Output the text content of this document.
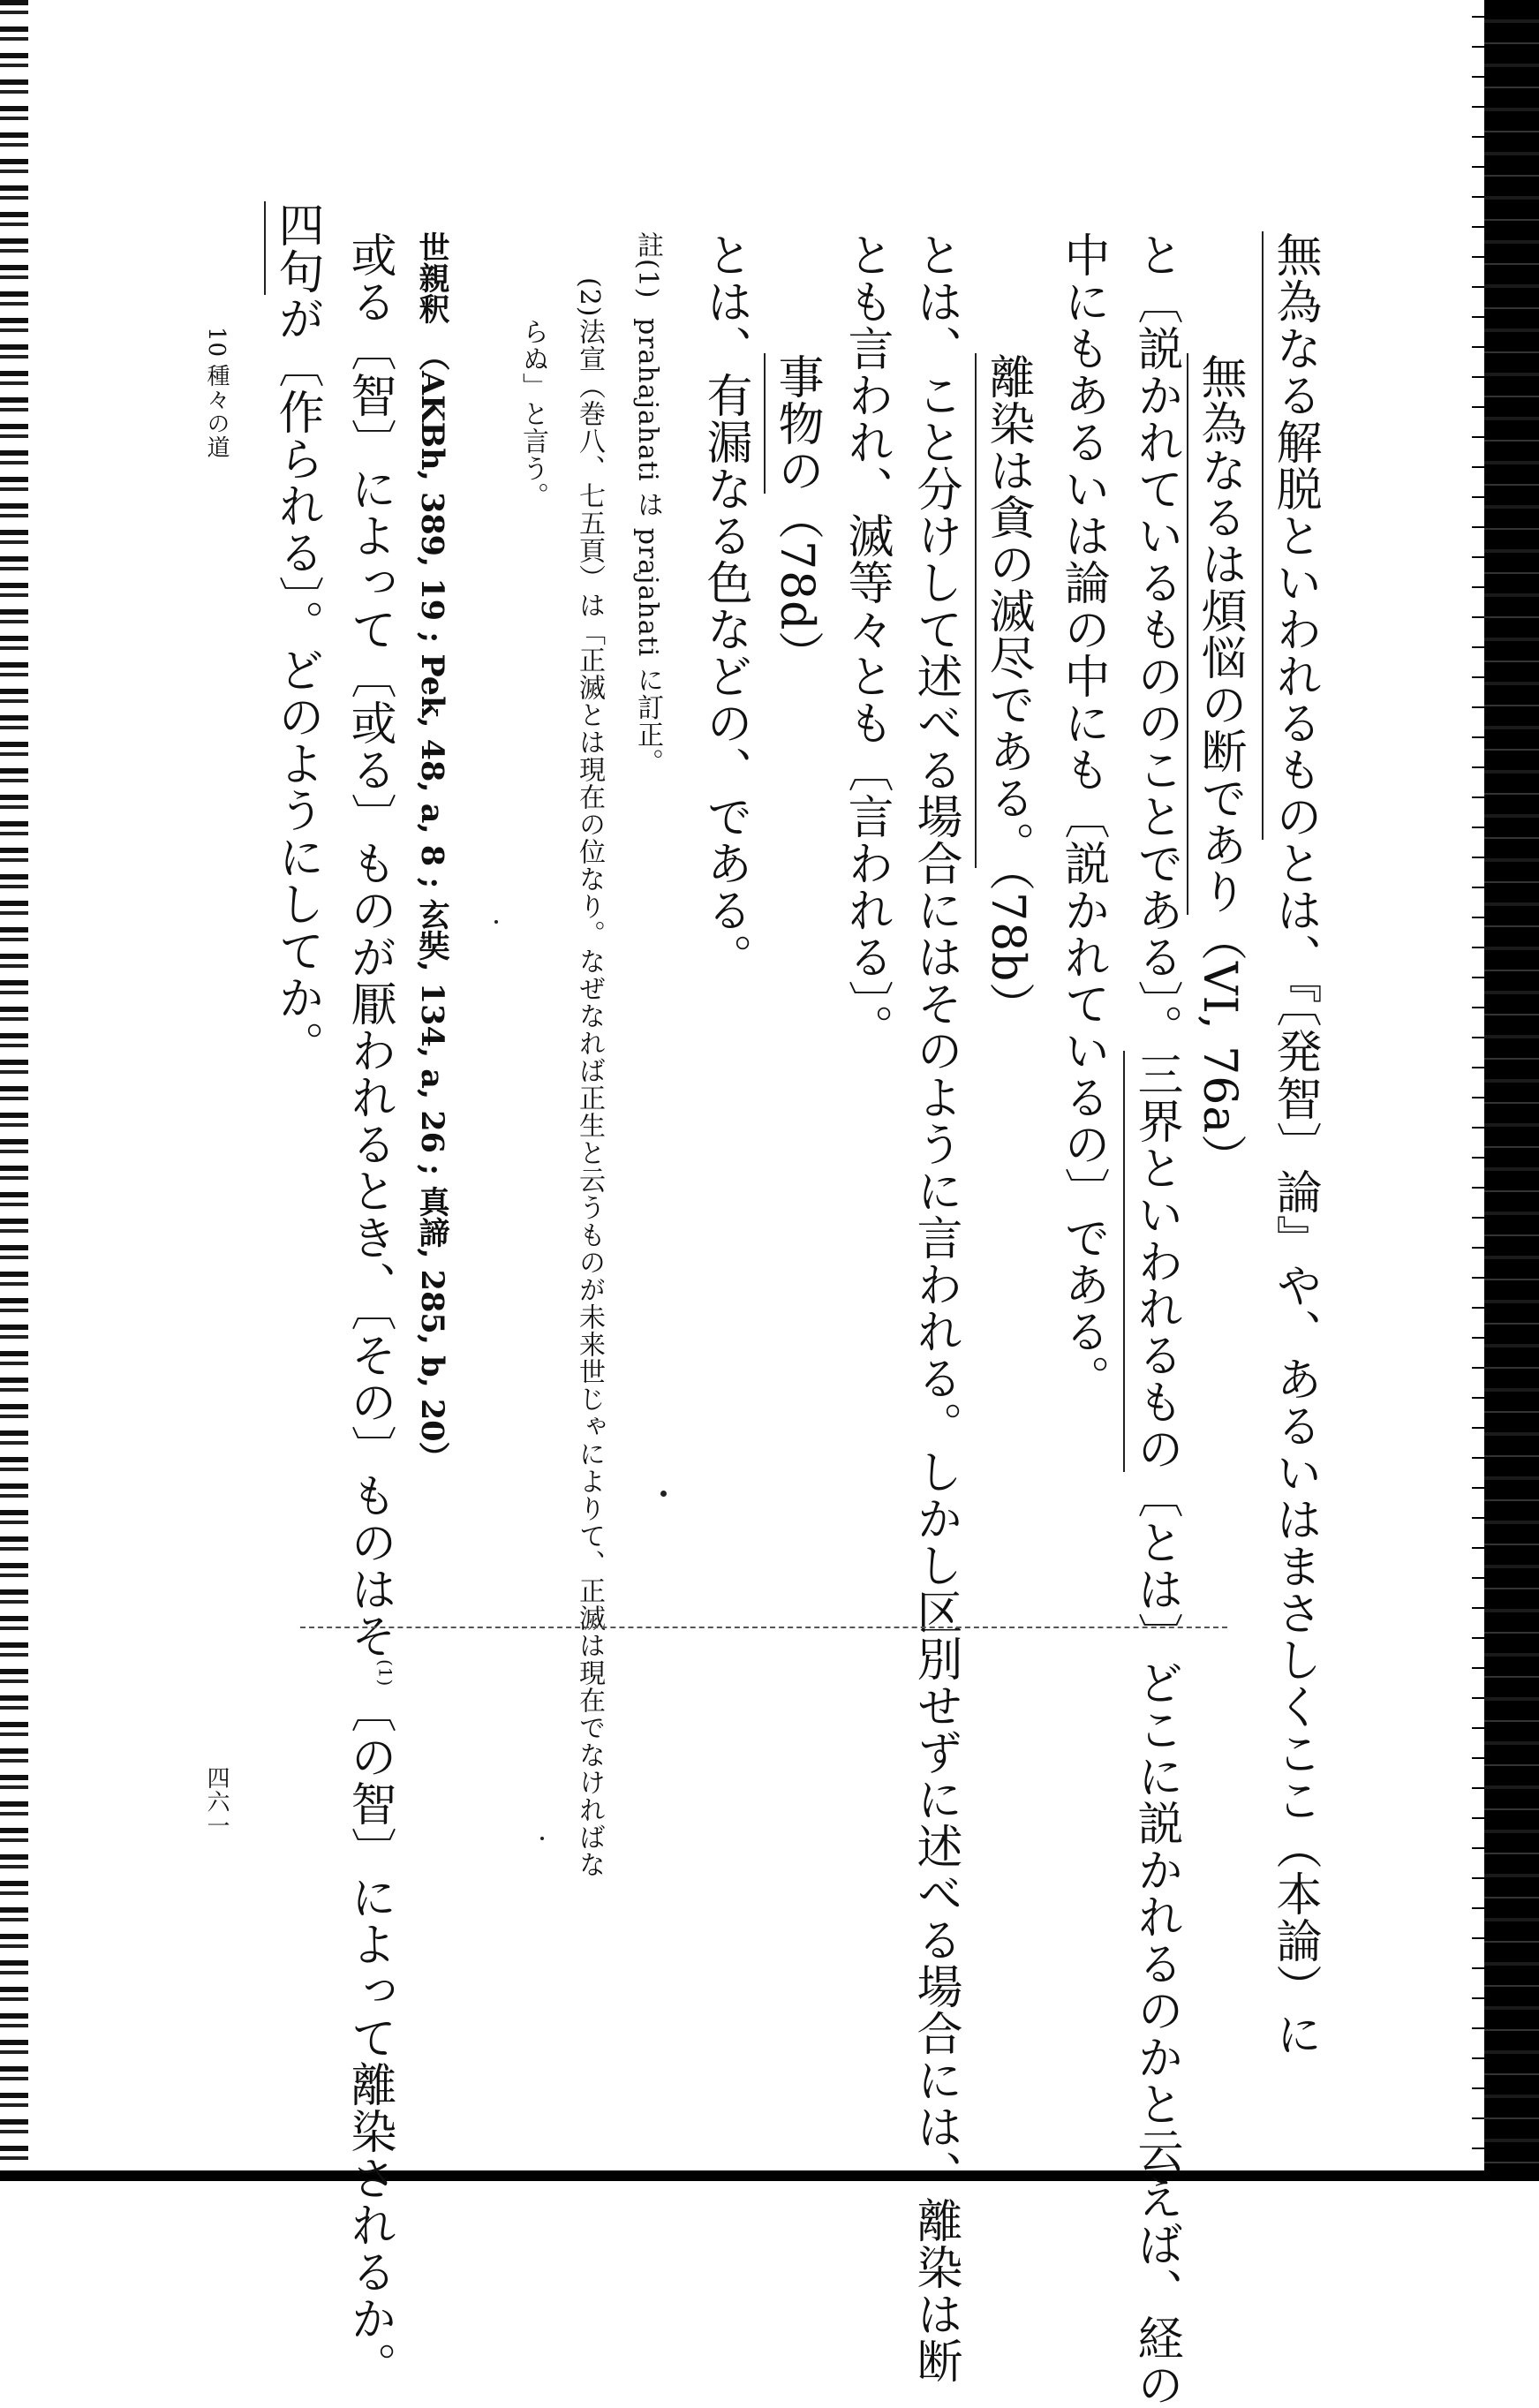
無為なる解脱といわれるものとは、『〔発智〕論』や、あるいはまさしくここ（本論）に
無為なるは煩悩の断であり（VI, 76a）
と〔説かれているもののことである〕。三界といわれるもの〔とは〕どこに説かれるのかと云えば、経の
中にもあるいは論の中にも〔説かれているの〕である。
離染は貪の滅尽である。（78b）
とは、こと分けして述べる場合にはそのように言われる。しかし区別せずに述べる場合には、離染は断
とも言われ、滅等々とも〔言われる〕。
事物の（78d）
とは、有漏なる色などの、である。
註(1)
prahajahati は prajahati に訂正。
(2)
法宣（巻八、七五頁）は「正滅とは現在の位なり。なぜなれば正生と云うものが未来世じゃによりて、正滅は現在でなければな
らぬ」と言う。
世親釈（AKBh, 389, 19 ; Pek, 48, a, 8 ; 玄奘, 134, a, 26 ; 真諦, 285, b, 20）
或る〔智〕によって〔或る〕ものが厭われるとき、〔その〕ものはそ$^{(1)}$〔の智〕によって離染されるか。
四句が〔作られる〕。どのようにしてか。
10
種々の道
四六一
